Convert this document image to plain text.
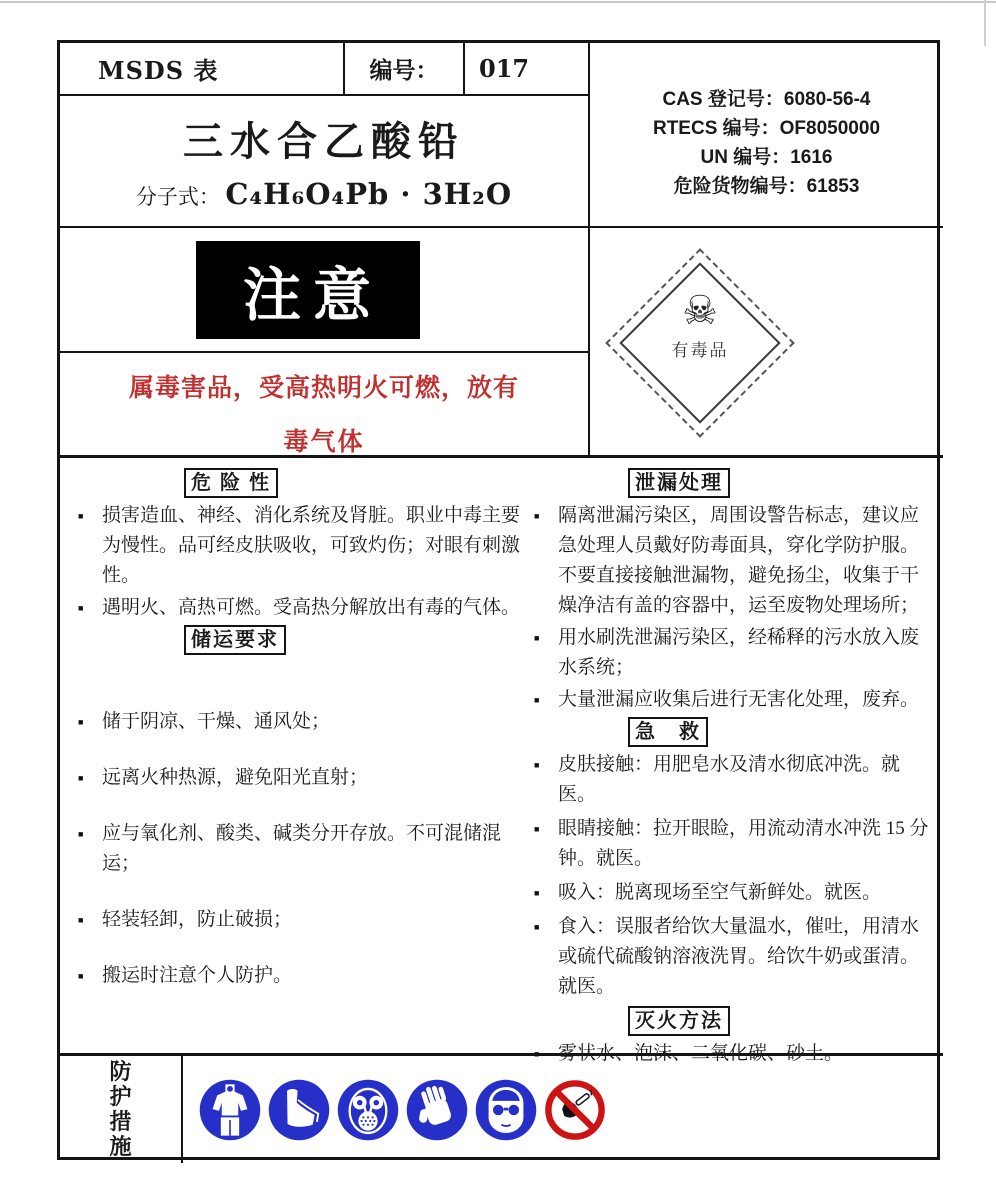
MSDS 表	编号：	017
三水合乙酸铅
分子式： C₄H₆O₄Pb · 3H₂O
CAS 登记号：6080-56-4
RTECS 编号：OF8050000
UN 编号：1616
危险货物编号：61853
注意
属毒害品，受高热明火可燃，放有
毒气体
☠
有毒品
危 险 性
■ 损害造血、神经、消化系统及肾脏。职业中毒主要为慢性。品可经皮肤吸收，可致灼伤；对眼有刺激性。
■ 遇明火、高热可燃。受高热分解放出有毒的气体。
储运要求
■ 储于阴凉、干燥、通风处；
■ 远离火种热源，避免阳光直射；
■ 应与氧化剂、酸类、碱类分开存放。不可混储混运；
■ 轻装轻卸，防止破损；
■ 搬运时注意个人防护。
泄漏处理
■ 隔离泄漏污染区，周围设警告标志，建议应急处理人员戴好防毒面具，穿化学防护服。不要直接接触泄漏物，避免扬尘，收集于干燥净洁有盖的容器中，运至废物处理场所；
■ 用水刷洗泄漏污染区，经稀释的污水放入废水系统；
■ 大量泄漏应收集后进行无害化处理，废弃。
急　救
■ 皮肤接触：用肥皂水及清水彻底冲洗。就医。
■ 眼睛接触：拉开眼睑，用流动清水冲洗 15 分钟。就医。
■ 吸入：脱离现场至空气新鲜处。就医。
■ 食入：误服者给饮大量温水，催吐，用清水或硫代硫酸钠溶液洗胃。给饮牛奶或蛋清。就医。
灭火方法
■ 雾状水、泡沫、二氧化碳、砂土。
防
护
措
施
